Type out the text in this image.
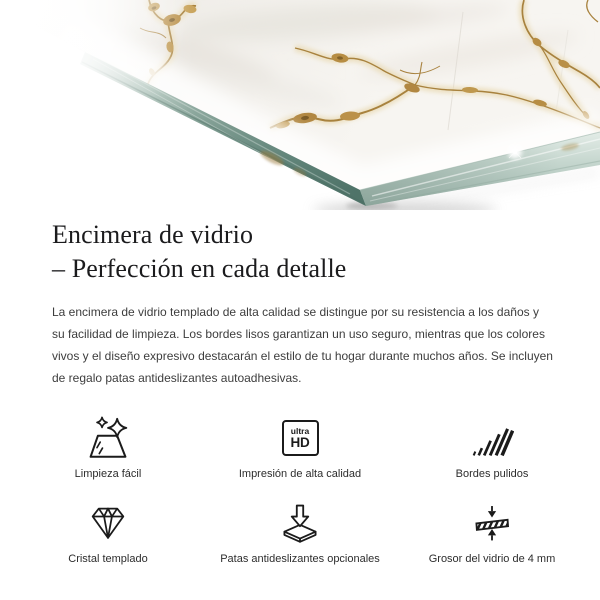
Encimera de vidrio
– Perfección en cada detalle
La encimera de vidrio templado de alta calidad se distingue por su resistencia a los daños y
su facilidad de limpieza. Los bordes lisos garantizan un uso seguro, mientras que los colores
vivos y el diseño expresivo destacarán el estilo de tu hogar durante muchos años. Se incluyen
de regalo patas antideslizantes autoadhesivas.
Limpieza fácil
ultra
HD
Impresión de alta calidad	Bordes pulidos
Cristal templado	Patas antideslizantes opcionales	Grosor del vidrio de 4 mm
